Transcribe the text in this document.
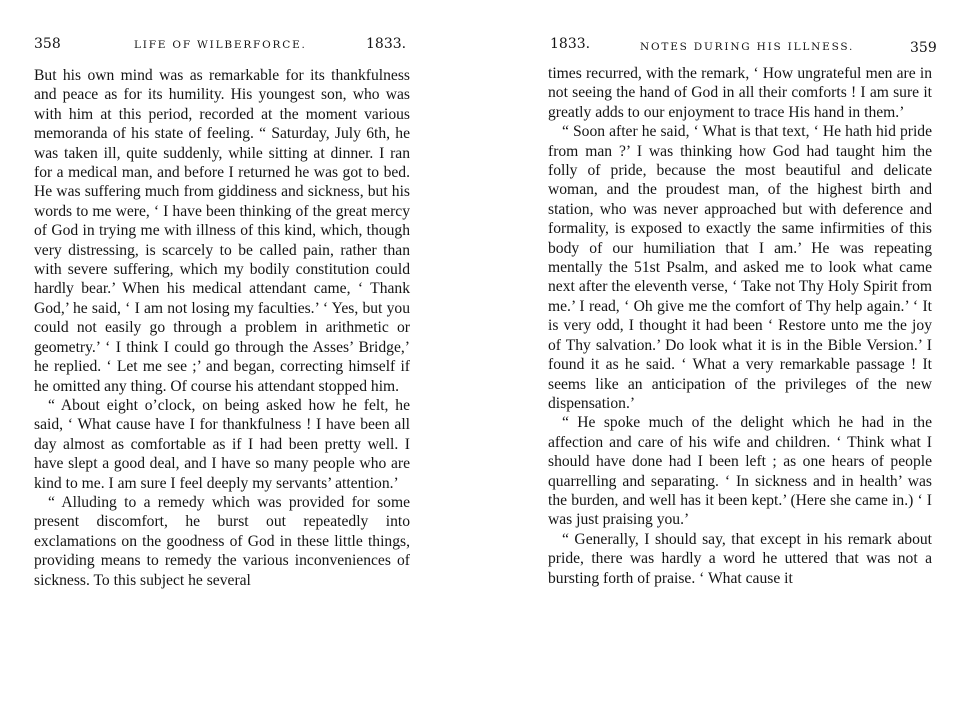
358	LIFE OF WILBERFORCE.	1833.

But his own mind was as remarkable for its thankfulness and peace as for its humility. His youngest son, who was with him at this period, recorded at the moment various memoranda of his state of feeling. “ Saturday, July 6th, he was taken ill, quite suddenly, while sitting at dinner. I ran for a medical man, and before I returned he was got to bed. He was suffering much from giddiness and sickness, but his words to me were, ‘ I have been thinking of the great mercy of God in trying me with illness of this kind, which, though very distressing, is scarcely to be called pain, rather than with severe suffering, which my bodily constitution could hardly bear.’ When his medical attendant came, ‘ Thank God,’ he said, ‘ I am not losing my faculties.’ ‘ Yes, but you could not easily go through a problem in arithmetic or geometry.’ ‘ I think I could go through the Asses’ Bridge,’ he replied. ‘ Let me see ;’ and began, correcting himself if he omitted any thing. Of course his attendant stopped him.

“ About eight o’clock, on being asked how he felt, he said, ‘ What cause have I for thankfulness ! I have been all day almost as comfortable as if I had been pretty well. I have slept a good deal, and I have so many people who are kind to me. I am sure I feel deeply my servants’ attention.’

“ Alluding to a remedy which was provided for some present discomfort, he burst out repeatedly into exclamations on the goodness of God in these little things, providing means to remedy the various inconveniences of sickness. To this subject he several

1833.	NOTES DURING HIS ILLNESS.	359

times recurred, with the remark, ‘ How ungrateful men are in not seeing the hand of God in all their comforts ! I am sure it greatly adds to our enjoyment to trace His hand in them.’

“ Soon after he said, ‘ What is that text, ‘ He hath hid pride from man ?’ I was thinking how God had taught him the folly of pride, because the most beautiful and delicate woman, and the proudest man, of the highest birth and station, who was never approached but with deference and formality, is exposed to exactly the same infirmities of this body of our humiliation that I am.’ He was repeating mentally the 51st Psalm, and asked me to look what came next after the eleventh verse, ‘ Take not Thy Holy Spirit from me.’ I read, ‘ Oh give me the comfort of Thy help again.’ ‘ It is very odd, I thought it had been ‘ Restore unto me the joy of Thy salvation.’ Do look what it is in the Bible Version.’ I found it as he said. ‘ What a very remarkable passage ! It seems like an anticipation of the privileges of the new dispensation.’

“ He spoke much of the delight which he had in the affection and care of his wife and children. ‘ Think what I should have done had I been left ; as one hears of people quarrelling and separating. ‘ In sickness and in health’ was the burden, and well has it been kept.’ (Here she came in.) ‘ I was just praising you.’

“ Generally, I should say, that except in his remark about pride, there was hardly a word he uttered that was not a bursting forth of praise. ‘ What cause it
